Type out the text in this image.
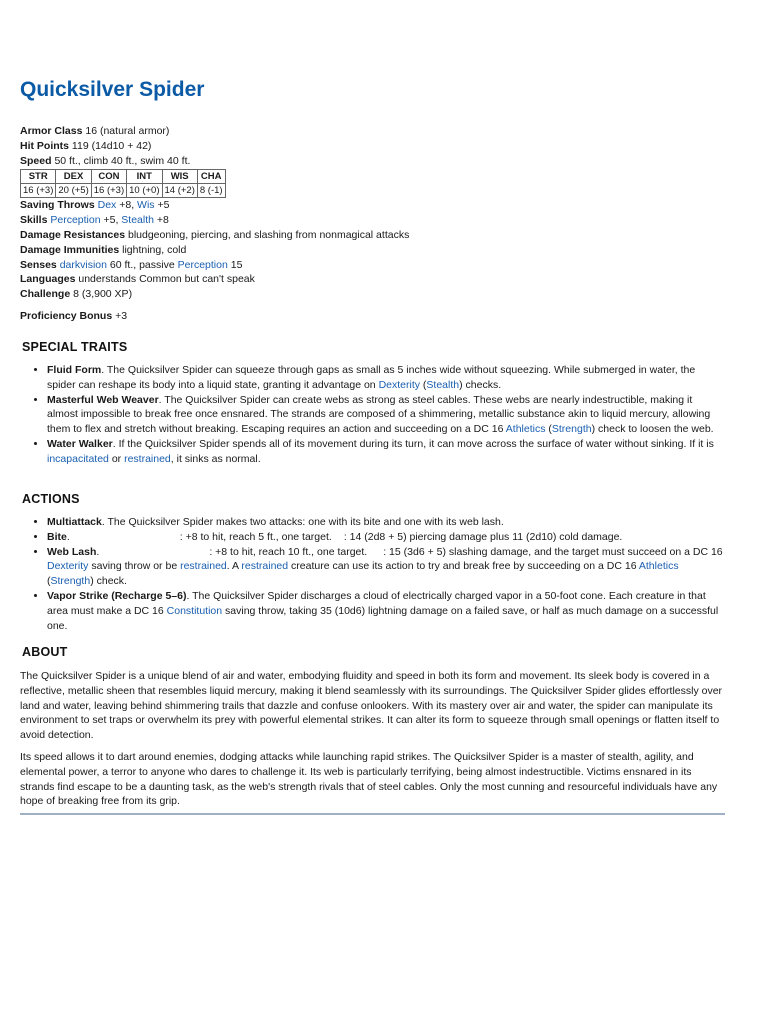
Quicksilver Spider
Armor Class 16 (natural armor)
Hit Points 119 (14d10 + 42)
Speed 50 ft., climb 40 ft., swim 40 ft.
STR	DEX	CON	INT	WIS	CHA
16 (+3)	20 (+5)	16 (+3)	10 (+0)	14 (+2)	8 (-1)
Saving Throws Dex +8, Wis +5
Skills Perception +5, Stealth +8
Damage Resistances bludgeoning, piercing, and slashing from nonmagical attacks
Damage Immunities lightning, cold
Senses darkvision 60 ft., passive Perception 15
Languages understands Common but can't speak
Challenge 8 (3,900 XP)
Proficiency Bonus +3
SPECIAL TRAITS
• Fluid Form. The Quicksilver Spider can squeeze through gaps as small as 5 inches wide without squeezing. While submerged in water, the spider can reshape its body into a liquid state, granting it advantage on Dexterity (Stealth) checks.
• Masterful Web Weaver. The Quicksilver Spider can create webs as strong as steel cables. These webs are nearly indestructible, making it almost impossible to break free once ensnared. The strands are composed of a shimmering, metallic substance akin to liquid mercury, allowing them to flex and stretch without breaking. Escaping requires an action and succeeding on a DC 16 Athletics (Strength) check to loosen the web.
• Water Walker. If the Quicksilver Spider spends all of its movement during its turn, it can move across the surface of water without sinking. If it is incapacitated or restrained, it sinks as normal.
ACTIONS
• Multiattack. The Quicksilver Spider makes two attacks: one with its bite and one with its web lash.
• Bite.	: +8 to hit, reach 5 ft., one target. : 14 (2d8 + 5) piercing damage plus 11 (2d10) cold damage.
• Web Lash.	: +8 to hit, reach 10 ft., one target. : 15 (3d6 + 5) slashing damage, and the target must succeed on a DC 16 Dexterity saving throw or be restrained. A restrained creature can use its action to try and break free by succeeding on a DC 16 Athletics (Strength) check.
• Vapor Strike (Recharge 5–6). The Quicksilver Spider discharges a cloud of electrically charged vapor in a 50-foot cone. Each creature in that area must make a DC 16 Constitution saving throw, taking 35 (10d6) lightning damage on a failed save, or half as much damage on a successful one.
ABOUT

The Quicksilver Spider is a unique blend of air and water, embodying fluidity and speed in both its form and movement. Its sleek body is covered in a reflective, metallic sheen that resembles liquid mercury, making it blend seamlessly with its surroundings. The Quicksilver Spider glides effortlessly over land and water, leaving behind shimmering trails that dazzle and confuse onlookers. With its mastery over air and water, the spider can manipulate its environment to set traps or overwhelm its prey with powerful elemental strikes. It can alter its form to squeeze through small openings or flatten itself to avoid detection.

Its speed allows it to dart around enemies, dodging attacks while launching rapid strikes. The Quicksilver Spider is a master of stealth, agility, and elemental power, a terror to anyone who dares to challenge it. Its web is particularly terrifying, being almost indestructible. Victims ensnared in its strands find escape to be a daunting task, as the web's strength rivals that of steel cables. Only the most cunning and resourceful individuals have any hope of breaking free from its grip.
